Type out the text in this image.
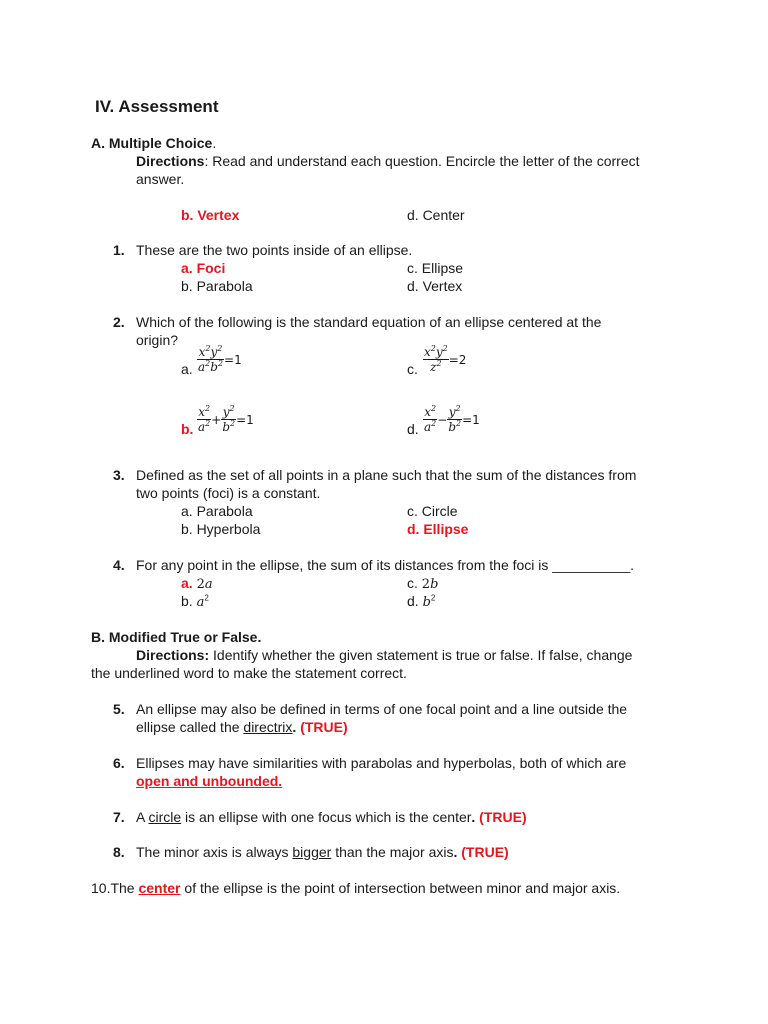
IV. Assessment
A. Multiple Choice.
Directions: Read and understand each question. Encircle the letter of the correct
answer.
b. Vertex	d. Center
1. These are the two points inside of an ellipse.
a. Foci	c. Ellipse
b. Parabola	d. Vertex
2. Which of the following is the standard equation of an ellipse centered at the
origin?
a. $\frac{x^2y^2}{a^2b^2} =1$
c. $\frac{x^2y^2}{z^2} =2$
b. $\frac{x^2}{a^2} + \frac{y^2}{b^2} =1$
d. $\frac{x^2}{a^2} - \frac{y^2}{b^2} =1$
3. Defined as the set of all points in a plane such that the sum of the distances from
two points (foci) is a constant.
a. Parabola	c. Circle
b. Hyperbola	d. Ellipse
4. For any point in the ellipse, the sum of its distances from the foci is __________.
a. 2a	c. 2b
b. $a^2$	d. $b^2$
B. Modified True or False.
Directions: Identify whether the given statement is true or false. If false, change
the underlined word to make the statement correct.
5. An ellipse may also be defined in terms of one focal point and a line outside the
ellipse called the directrix. (TRUE)
6. Ellipses may have similarities with parabolas and hyperbolas, both of which are
open and unbounded.
7. A circle is an ellipse with one focus which is the center. (TRUE)
8. The minor axis is always bigger than the major axis. (TRUE)
10.The center of the ellipse is the point of intersection between minor and major axis.
